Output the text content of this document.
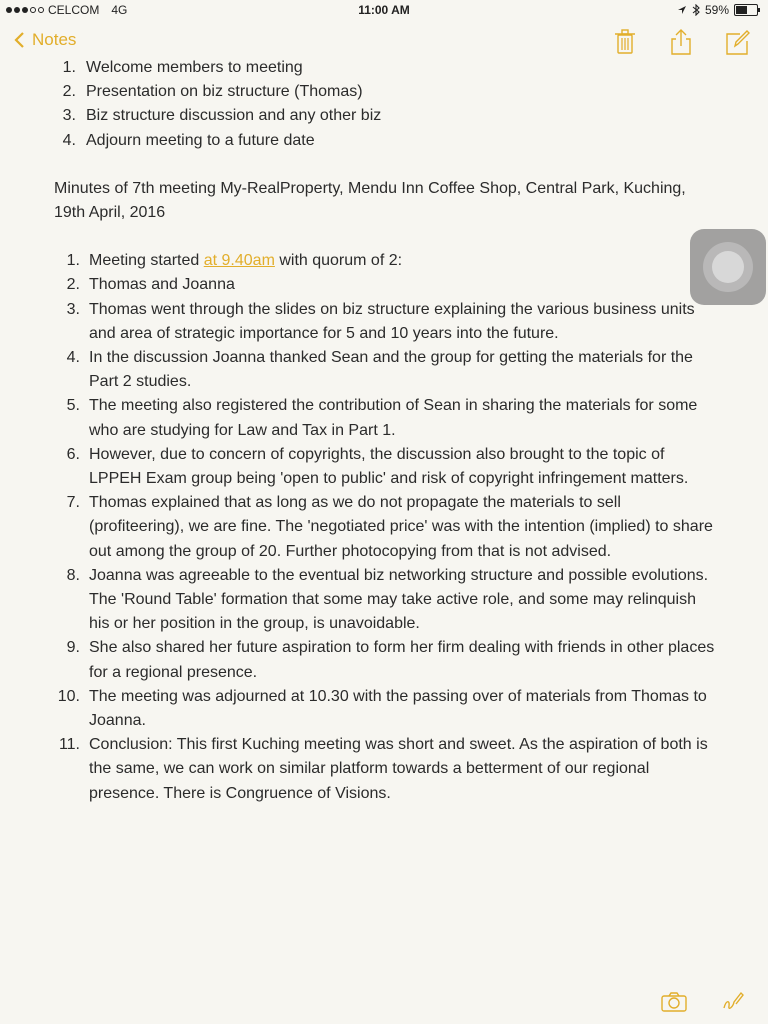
CELCOM 4G	11:00 AM	59%
Notes
1. Welcome members to meeting
2. Presentation on biz structure (Thomas)
3. Biz structure discussion and any other biz
4. Adjourn meeting to a future date
Minutes of 7th meeting My-RealProperty, Mendu Inn Coffee Shop, Central Park, Kuching, 19th April, 2016
1. Meeting started at 9.40am with quorum of 2:
2. Thomas and Joanna
3. Thomas went through the slides on biz structure explaining the various business units and area of strategic importance for 5 and 10 years into the future.
4. In the discussion Joanna thanked Sean and the group for getting the materials for the Part 2 studies.
5. The meeting also registered the contribution of Sean in sharing the materials for some who are studying for Law and Tax in Part 1.
6. However, due to concern of copyrights, the discussion also brought to the topic of LPPEH Exam group being 'open to public' and risk of copyright infringement matters.
7. Thomas explained that as long as we do not propagate the materials to sell (profiteering), we are fine. The 'negotiated price' was with the intention (implied) to share out among the group of 20. Further photocopying from that is not advised.
8. Joanna was agreeable to the eventual biz networking structure and possible evolutions. The 'Round Table' formation that some may take active role, and some may relinquish his or her position in the group, is unavoidable.
9. She also shared her future aspiration to form her firm dealing with friends in other places for a regional presence.
10. The meeting was adjourned at 10.30 with the passing over of materials from Thomas to Joanna.
11. Conclusion: This first Kuching meeting was short and sweet. As the aspiration of both is the same, we can work on similar platform towards a betterment of our regional presence. There is Congruence of Visions.
